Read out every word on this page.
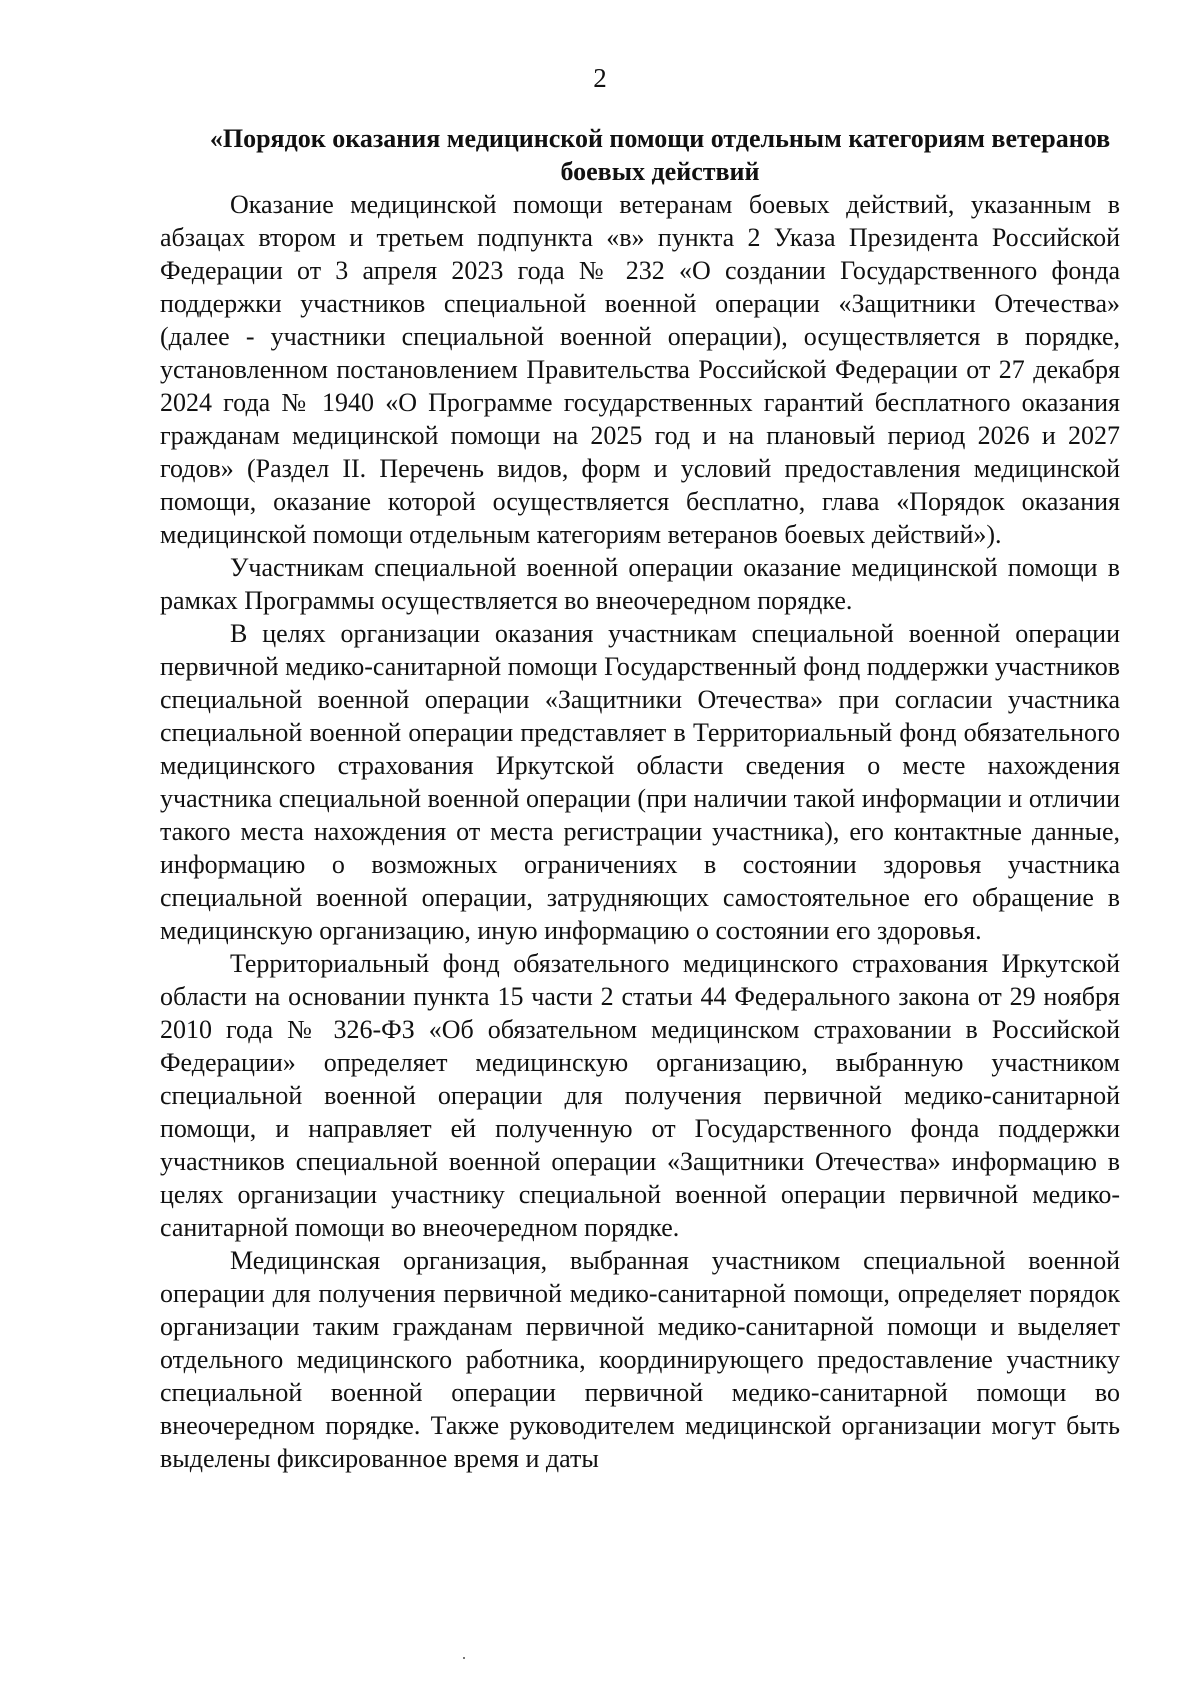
2
«Порядок оказания медицинской помощи отдельным категориям ветеранов боевых действий

Оказание медицинской помощи ветеранам боевых действий, указанным в абзацах втором и третьем подпункта «в» пункта 2 Указа Президента Российской Федерации от 3 апреля 2023 года № 232 «О создании Государственного фонда поддержки участников специальной военной операции «Защитники Отечества» (далее - участники специальной военной операции), осуществляется в порядке, установленном постановлением Правительства Российской Федерации от 27 декабря 2024 года № 1940 «О Программе государственных гарантий бесплатного оказания гражданам медицинской помощи на 2025 год и на плановый период 2026 и 2027 годов» (Раздел II. Перечень видов, форм и условий предоставления медицинской помощи, оказание которой осуществляется бесплатно, глава «Порядок оказания медицинской помощи отдельным категориям ветеранов боевых действий»).

Участникам специальной военной операции оказание медицинской помощи в рамках Программы осуществляется во внеочередном порядке.

В целях организации оказания участникам специальной военной операции первичной медико-санитарной помощи Государственный фонд поддержки участников специальной военной операции «Защитники Отечества» при согласии участника специальной военной операции представляет в Территориальный фонд обязательного медицинского страхования Иркутской области сведения о месте нахождения участника специальной военной операции (при наличии такой информации и отличии такого места нахождения от места регистрации участника), его контактные данные, информацию о возможных ограничениях в состоянии здоровья участника специальной военной операции, затрудняющих самостоятельное его обращение в медицинскую организацию, иную информацию о состоянии его здоровья.

Территориальный фонд обязательного медицинского страхования Иркутской области на основании пункта 15 части 2 статьи 44 Федерального закона от 29 ноября 2010 года № 326-ФЗ «Об обязательном медицинском страховании в Российской Федерации» определяет медицинскую организацию, выбранную участником специальной военной операции для получения первичной медико-санитарной помощи, и направляет ей полученную от Государственного фонда поддержки участников специальной военной операции «Защитники Отечества» информацию в целях организации участнику специальной военной операции первичной медико-санитарной помощи во внеочередном порядке.

Медицинская организация, выбранная участником специальной военной операции для получения первичной медико-санитарной помощи, определяет порядок организации таким гражданам первичной медико-санитарной помощи и выделяет отдельного медицинского работника, координирующего предоставление участнику специальной военной операции первичной медико-санитарной помощи во внеочередном порядке. Также руководителем медицинской организации могут быть выделены фиксированное время и даты
